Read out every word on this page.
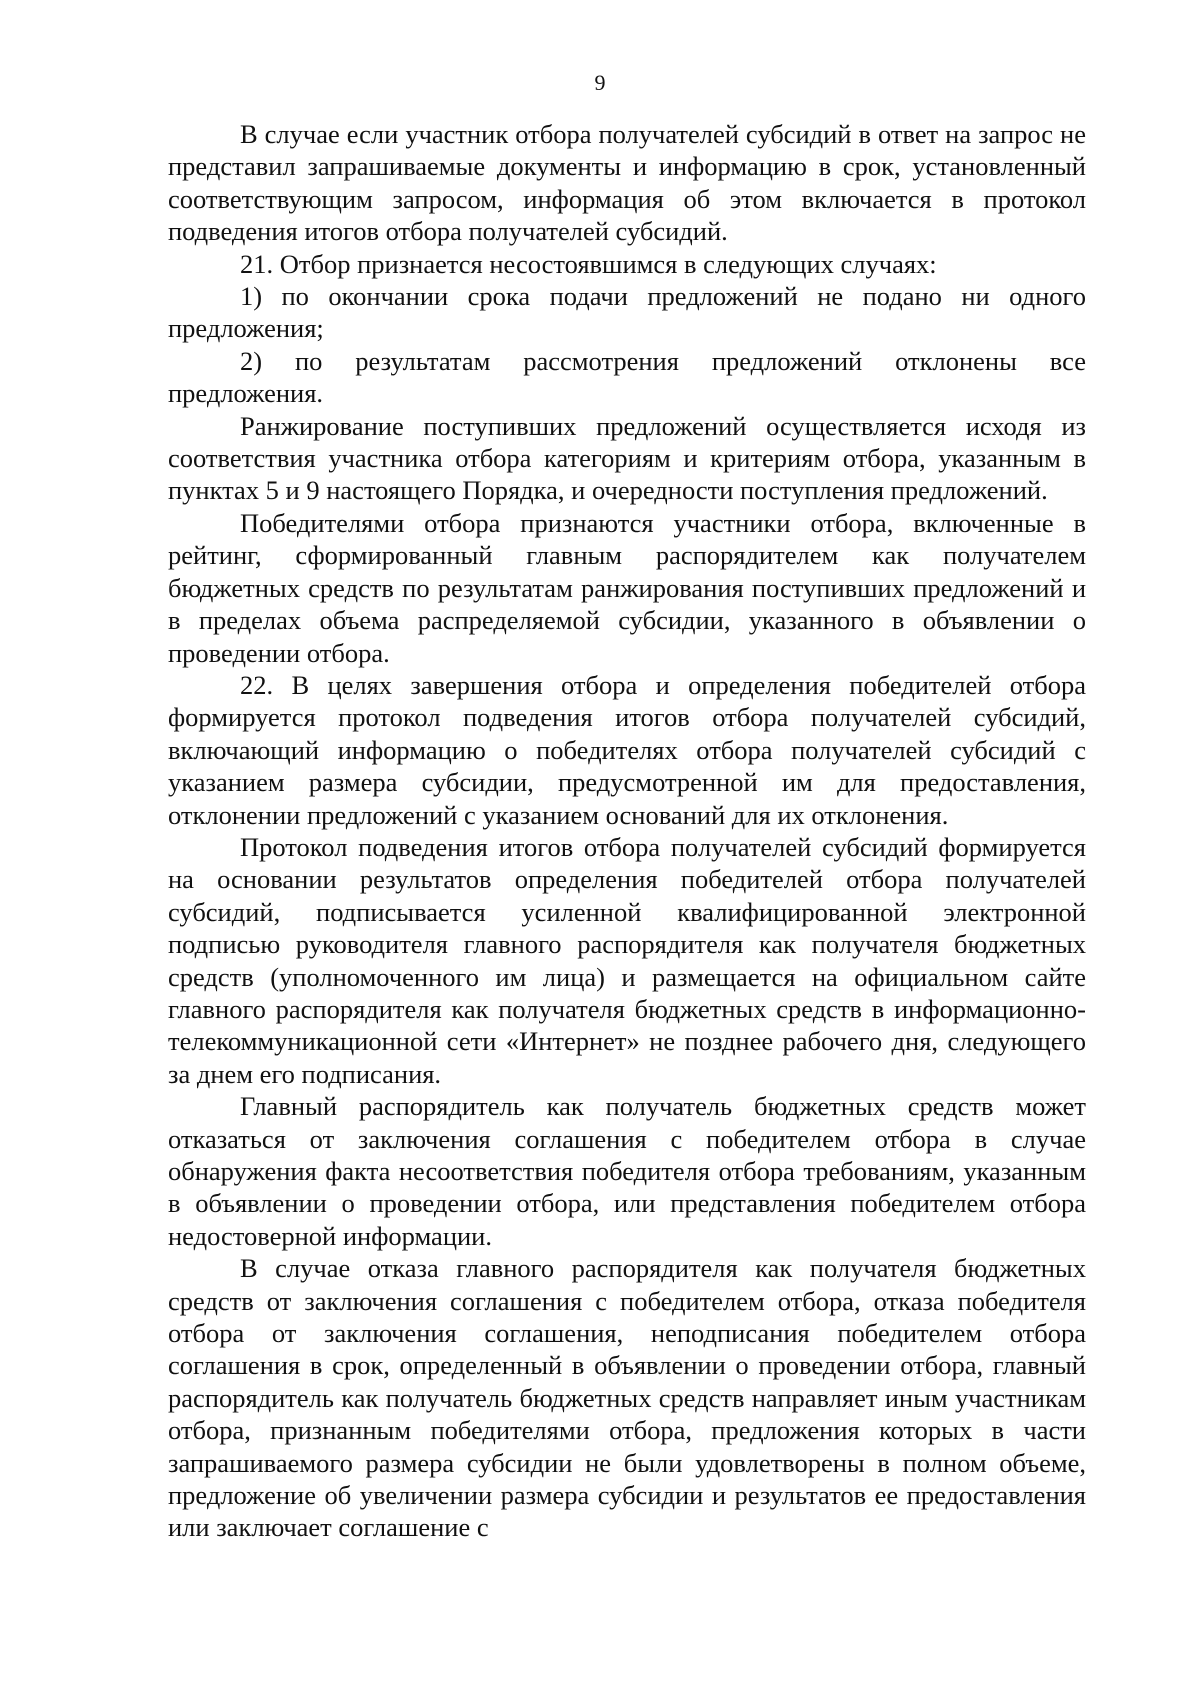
9

В случае если участник отбора получателей субсидий в ответ на запрос не представил запрашиваемые документы и информацию в срок, установленный соответствующим запросом, информация об этом включается в протокол подведения итогов отбора получателей субсидий.

21. Отбор признается несостоявшимся в следующих случаях:

1) по окончании срока подачи предложений не подано ни одного предложения;

2) по результатам рассмотрения предложений отклонены все предложения.

Ранжирование поступивших предложений осуществляется исходя из соответствия участника отбора категориям и критериям отбора, указанным в пунктах 5 и 9 настоящего Порядка, и очередности поступления предложений.

Победителями отбора признаются участники отбора, включенные в рейтинг, сформированный главным распорядителем как получателем бюджетных средств по результатам ранжирования поступивших предложений и в пределах объема распределяемой субсидии, указанного в объявлении о проведении отбора.

22. В целях завершения отбора и определения победителей отбора формируется протокол подведения итогов отбора получателей субсидий, включающий информацию о победителях отбора получателей субсидий с указанием размера субсидии, предусмотренной им для предоставления, отклонении предложений с указанием оснований для их отклонения.

Протокол подведения итогов отбора получателей субсидий формируется на основании результатов определения победителей отбора получателей субсидий, подписывается усиленной квалифицированной электронной подписью руководителя главного распорядителя как получателя бюджетных средств (уполномоченного им лица) и размещается на официальном сайте главного распорядителя как получателя бюджетных средств в информационно-телекоммуникационной сети «Интернет» не позднее рабочего дня, следующего за днем его подписания.

Главный распорядитель как получатель бюджетных средств может отказаться от заключения соглашения с победителем отбора в случае обнаружения факта несоответствия победителя отбора требованиям, указанным в объявлении о проведении отбора, или представления победителем отбора недостоверной информации.

В случае отказа главного распорядителя как получателя бюджетных средств от заключения соглашения с победителем отбора, отказа победителя отбора от заключения соглашения, неподписания победителем отбора соглашения в срок, определенный в объявлении о проведении отбора, главный распорядитель как получатель бюджетных средств направляет иным участникам отбора, признанным победителями отбора, предложения которых в части запрашиваемого размера субсидии не были удовлетворены в полном объеме, предложение об увеличении размера субсидии и результатов ее предоставления или заключает соглашение с
